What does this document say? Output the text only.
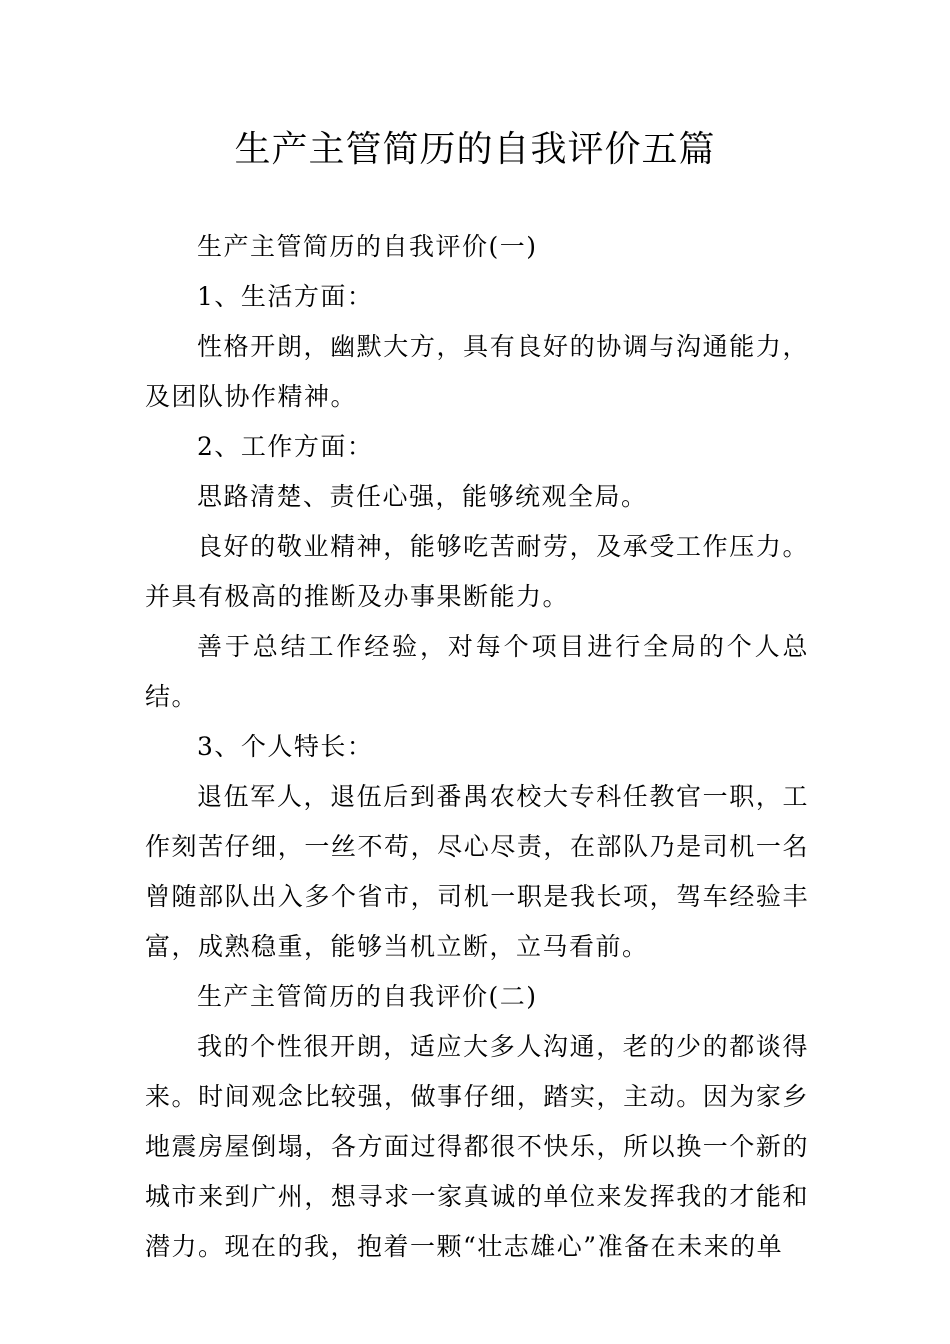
生产主管简历的自我评价五篇

生产主管简历的自我评价(一)

1、生活方面：

性格开朗，幽默大方，具有良好的协调与沟通能力，及团队协作精神。

2、工作方面：

思路清楚、责任心强，能够统观全局。

良好的敬业精神，能够吃苦耐劳，及承受工作压力。并具有极高的推断及办事果断能力。

善于总结工作经验，对每个项目进行全局的个人总结。

3、个人特长：

退伍军人，退伍后到番禺农校大专科任教官一职，工作刻苦仔细，一丝不苟，尽心尽责，在部队乃是司机一名曾随部队出入多个省市，司机一职是我长项，驾车经验丰富，成熟稳重，能够当机立断，立马看前。

生产主管简历的自我评价(二)

我的个性很开朗，适应大多人沟通，老的少的都谈得来。时间观念比较强，做事仔细，踏实，主动。因为家乡地震房屋倒塌，各方面过得都很不快乐，所以换一个新的城市来到广州，想寻求一家真诚的单位来发挥我的才能和潜力。现在的我，抱着一颗“壮志雄心”准备在未来的单
